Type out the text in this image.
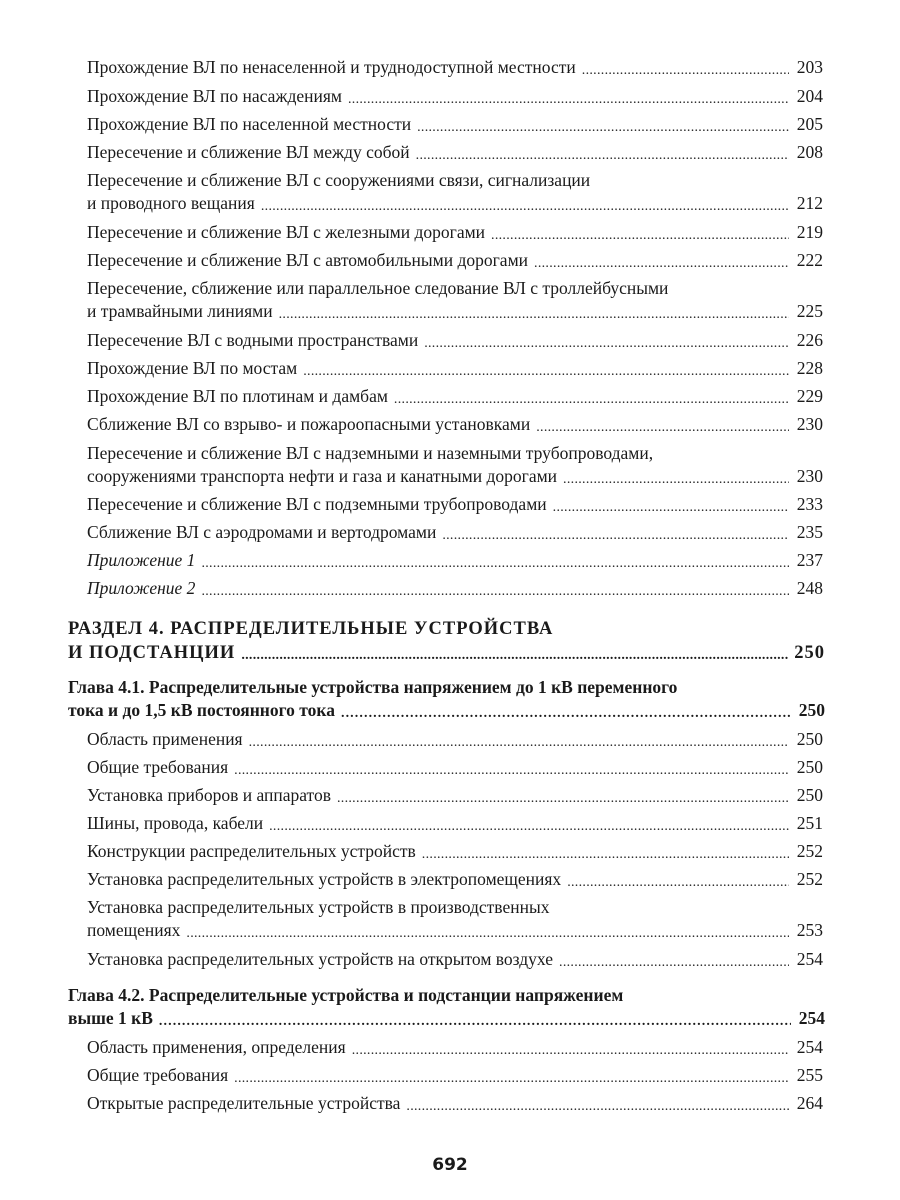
Прохождение ВЛ по ненаселенной и труднодоступной местности . . .	203
Прохождение ВЛ по насаждениям . . .	204
Прохождение ВЛ по населенной местности . . .	205
Пересечение и сближение ВЛ между собой . . .	208
Пересечение и сближение ВЛ с сооружениями связи, сигнализации
и проводного вещания . . .	212
Пересечение и сближение ВЛ с железными дорогами . . .	219
Пересечение и сближение ВЛ с автомобильными дорогами . . .	222
Пересечение, сближение или параллельное следование ВЛ с троллейбусными
и трамвайными линиями . . .	225
Пересечение ВЛ с водными пространствами . . .	226
Прохождение ВЛ по мостам . . .	228
Прохождение ВЛ по плотинам и дамбам . . .	229
Сближение ВЛ со взрыво- и пожароопасными установками . . .	230
Пересечение и сближение ВЛ с надземными и наземными трубопроводами,
сооружениями транспорта нефти и газа и канатными дорогами . . .	230
Пересечение и сближение ВЛ с подземными трубопроводами . . .	233
Сближение ВЛ с аэродромами и вертодромами . . .	235
Приложение 1 . . .	237
Приложение 2 . . .	248
РАЗДЕЛ 4. РАСПРЕДЕЛИТЕЛЬНЫЕ УСТРОЙСТВА
И ПОДСТАНЦИИ . . .	250
Глава 4.1. Распределительные устройства напряжением до 1 кВ переменного
тока и до 1,5 кВ постоянного тока . . .	250
Область применения . . .	250
Общие требования . . .	250
Установка приборов и аппаратов . . .	250
Шины, провода, кабели . . .	251
Конструкции распределительных устройств . . .	252
Установка распределительных устройств в электропомещениях . . .	252
Установка распределительных устройств в производственных
помещениях . . .	253
Установка распределительных устройств на открытом воздухе . . .	254
Глава 4.2. Распределительные устройства и подстанции напряжением
выше 1 кВ . . .	254
Область применения, определения . . .	254
Общие требования . . .	255
Открытые распределительные устройства . . .	264
692
